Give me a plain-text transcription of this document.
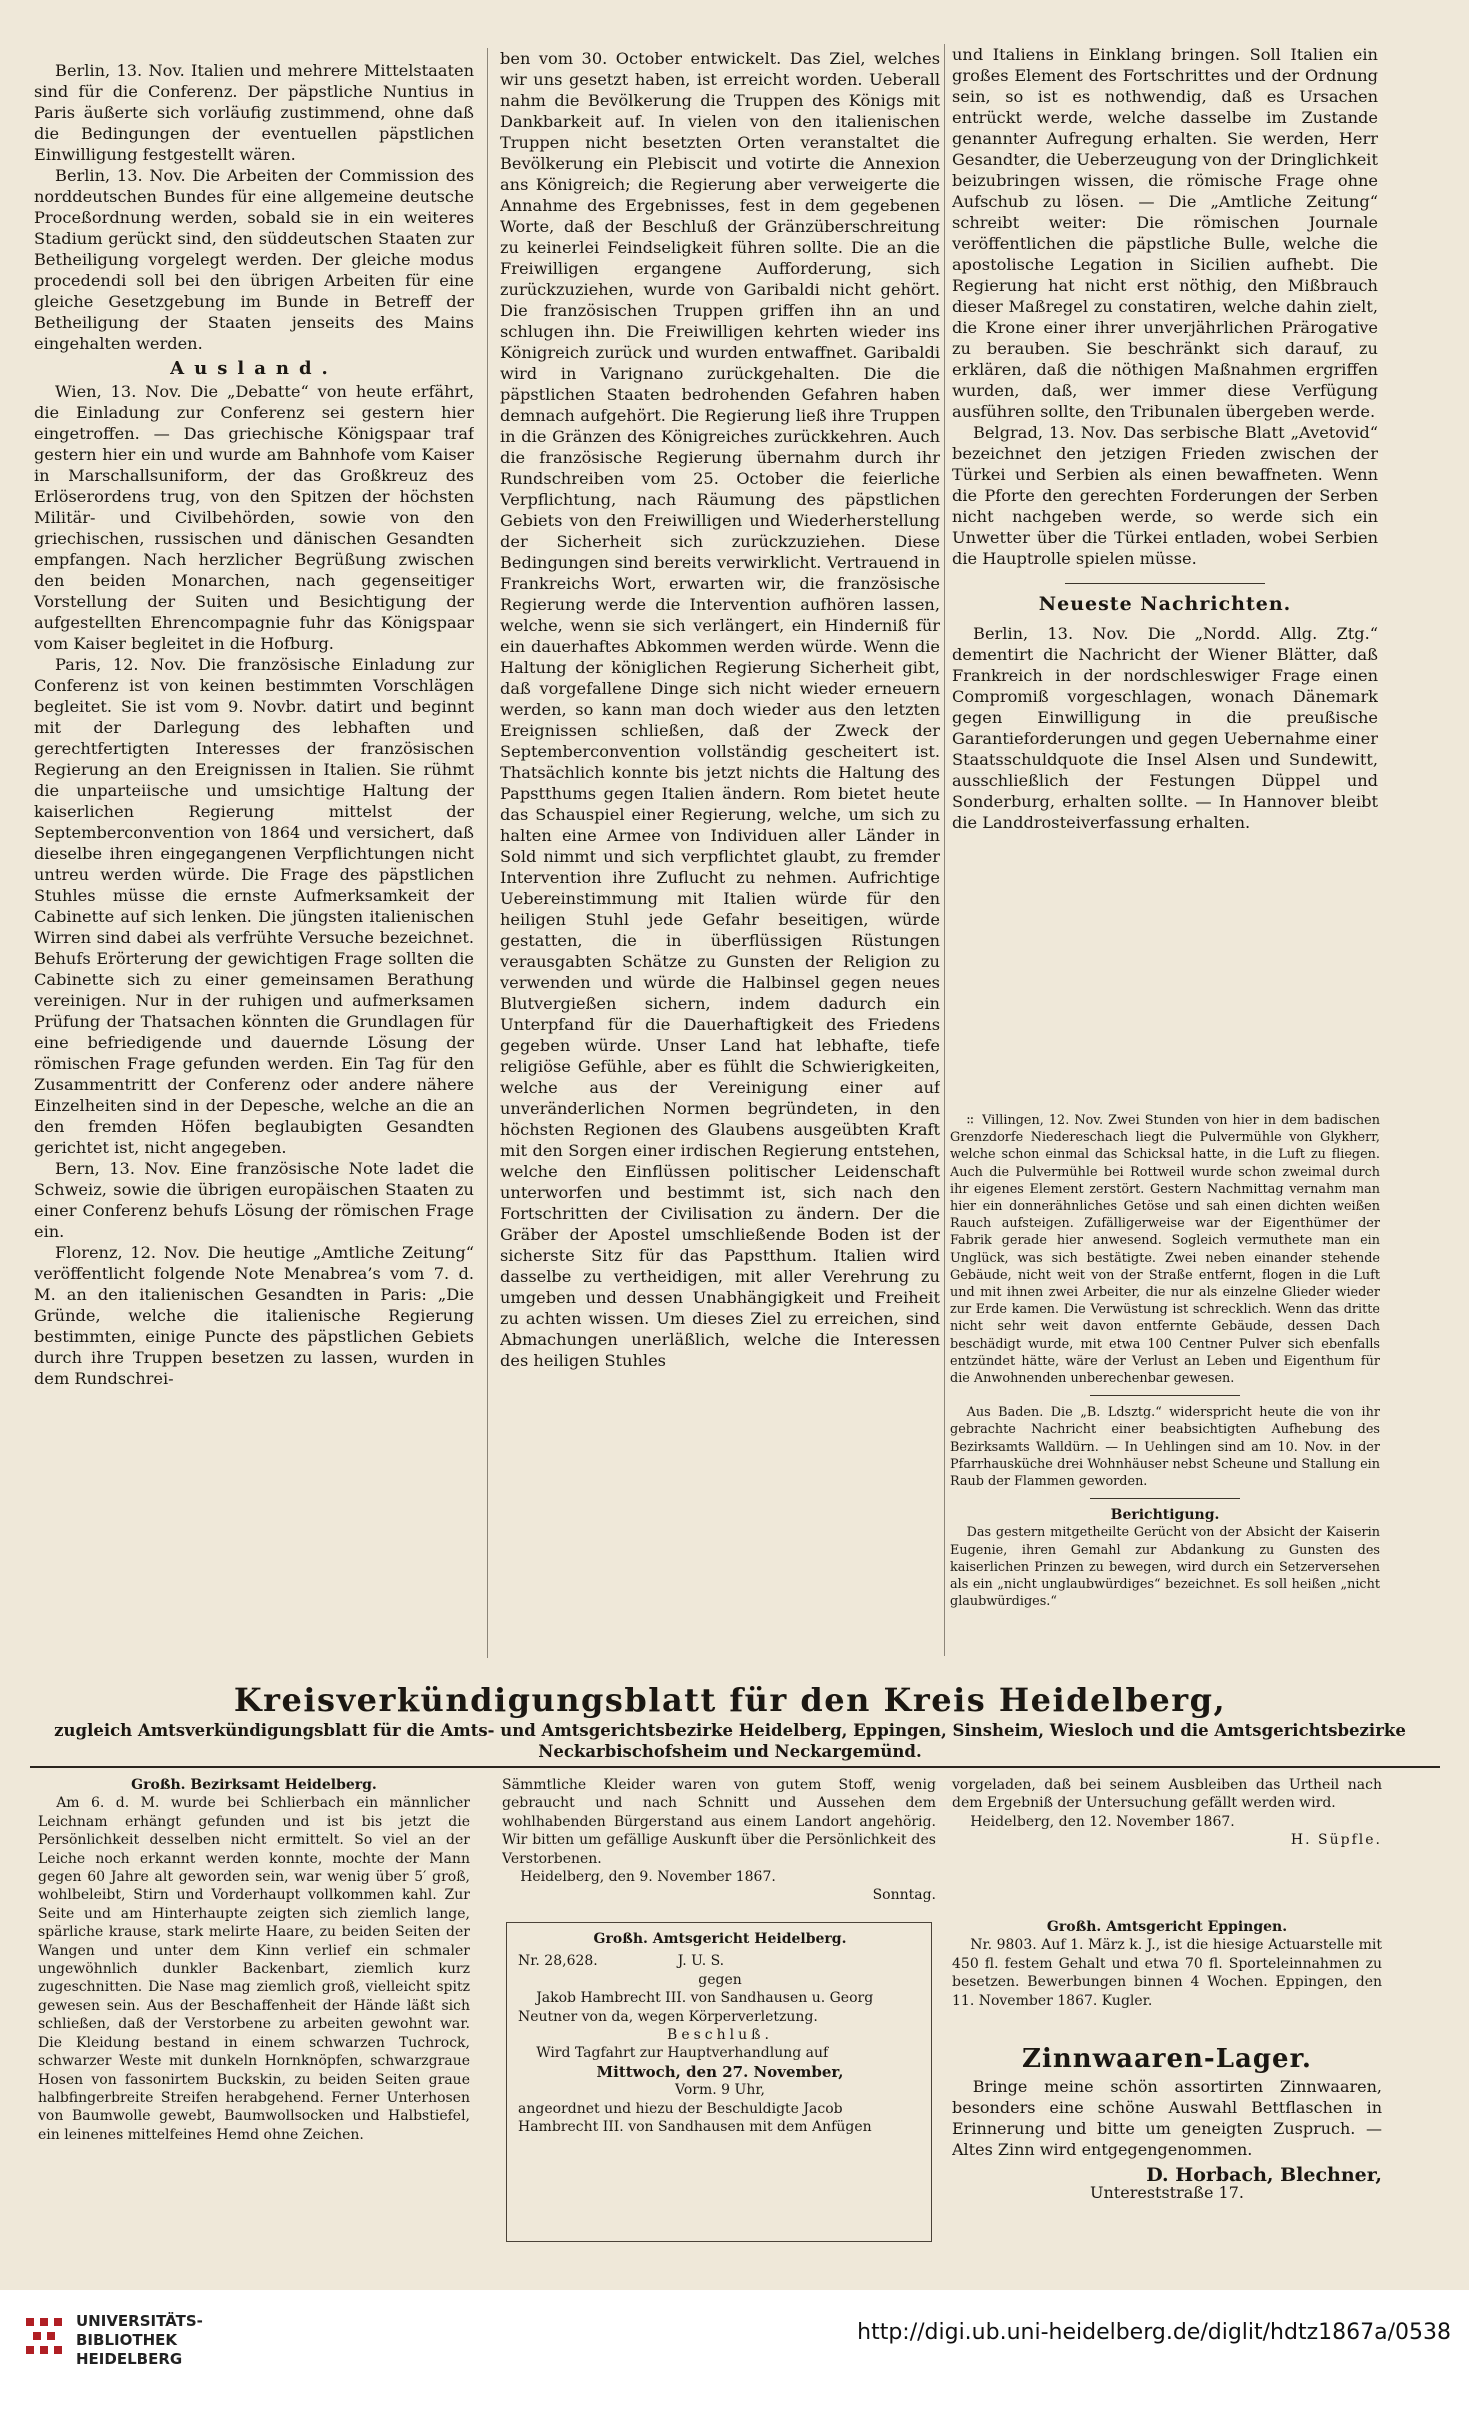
Berlin, 13. Nov. Italien und mehrere Mittelstaaten sind für die Conferenz. Der päpstliche Nuntius in Paris äußerte sich vorläufig zustimmend, ohne daß die Bedingungen der eventuellen päpstlichen Einwilligung festgestellt wären.

Berlin, 13. Nov. Die Arbeiten der Commission des norddeutschen Bundes für eine allgemeine deutsche Proceßordnung werden, sobald sie in ein weiteres Stadium gerückt sind, den süddeutschen Staaten zur Betheiligung vorgelegt werden. Der gleiche modus procedendi soll bei den übrigen Arbeiten für eine gleiche Gesetzgebung im Bunde in Betreff der Betheiligung der Staaten jenseits des Mains eingehalten werden.

Ausland.

Wien, 13. Nov. Die „Debatte“ von heute erfährt, die Einladung zur Conferenz sei gestern hier eingetroffen. — Das griechische Königspaar traf gestern hier ein und wurde am Bahnhofe vom Kaiser in Marschallsuniform, der das Großkreuz des Erlöserordens trug, von den Spitzen der höchsten Militär- und Civilbehörden, sowie von den griechischen, russischen und dänischen Gesandten empfangen. Nach herzlicher Begrüßung zwischen den beiden Monarchen, nach gegenseitiger Vorstellung der Suiten und Besichtigung der aufgestellten Ehrencompagnie fuhr das Königspaar vom Kaiser begleitet in die Hofburg.

Paris, 12. Nov. Die französische Einladung zur Conferenz ist von keinen bestimmten Vorschlägen begleitet. Sie ist vom 9. Novbr. datirt und beginnt mit der Darlegung des lebhaften und gerechtfertigten Interesses der französischen Regierung an den Ereignissen in Italien. Sie rühmt die unparteiische und umsichtige Haltung der kaiserlichen Regierung mittelst der Septemberconvention von 1864 und versichert, daß dieselbe ihren eingegangenen Verpflichtungen nicht untreu werden würde. Die Frage des päpstlichen Stuhles müsse die ernste Aufmerksamkeit der Cabinette auf sich lenken. Die jüngsten italienischen Wirren sind dabei als verfrühte Versuche bezeichnet. Behufs Erörterung der gewichtigen Frage sollten die Cabinette sich zu einer gemeinsamen Berathung vereinigen. Nur in der ruhigen und aufmerksamen Prüfung der Thatsachen könnten die Grundlagen für eine befriedigende und dauernde Lösung der römischen Frage gefunden werden. Ein Tag für den Zusammentritt der Conferenz oder andere nähere Einzelheiten sind in der Depesche, welche an die an den fremden Höfen beglaubigten Gesandten gerichtet ist, nicht angegeben.

Bern, 13. Nov. Eine französische Note ladet die Schweiz, sowie die übrigen europäischen Staaten zu einer Conferenz behufs Lösung der römischen Frage ein.

Florenz, 12. Nov. Die heutige „Amtliche Zeitung“ veröffentlicht folgende Note Menabrea’s vom 7. d. M. an den italienischen Gesandten in Paris: „Die Gründe, welche die italienische Regierung bestimmten, einige Puncte des päpstlichen Gebiets durch ihre Truppen besetzen zu lassen, wurden in dem Rundschrei-

ben vom 30. October entwickelt. Das Ziel, welches wir uns gesetzt haben, ist erreicht worden. Ueberall nahm die Bevölkerung die Truppen des Königs mit Dankbarkeit auf. In vielen von den italienischen Truppen nicht besetzten Orten veranstaltet die Bevölkerung ein Plebiscit und votirte die Annexion ans Königreich; die Regierung aber verweigerte die Annahme des Ergebnisses, fest in dem gegebenen Worte, daß der Beschluß der Gränzüberschreitung zu keinerlei Feindseligkeit führen sollte. Die an die Freiwilligen ergangene Aufforderung, sich zurückzuziehen, wurde von Garibaldi nicht gehört. Die französischen Truppen griffen ihn an und schlugen ihn. Die Freiwilligen kehrten wieder ins Königreich zurück und wurden entwaffnet. Garibaldi wird in Varignano zurückgehalten. Die die päpstlichen Staaten bedrohenden Gefahren haben demnach aufgehört. Die Regierung ließ ihre Truppen in die Gränzen des Königreiches zurückkehren. Auch die französische Regierung übernahm durch ihr Rundschreiben vom 25. October die feierliche Verpflichtung, nach Räumung des päpstlichen Gebiets von den Freiwilligen und Wiederherstellung der Sicherheit sich zurückzuziehen. Diese Bedingungen sind bereits verwirklicht. Vertrauend in Frankreichs Wort, erwarten wir, die französische Regierung werde die Intervention aufhören lassen, welche, wenn sie sich verlängert, ein Hinderniß für ein dauerhaftes Abkommen werden würde. Wenn die Haltung der königlichen Regierung Sicherheit gibt, daß vorgefallene Dinge sich nicht wieder erneuern werden, so kann man doch wieder aus den letzten Ereignissen schließen, daß der Zweck der Septemberconvention vollständig gescheitert ist. Thatsächlich konnte bis jetzt nichts die Haltung des Papstthums gegen Italien ändern. Rom bietet heute das Schauspiel einer Regierung, welche, um sich zu halten eine Armee von Individuen aller Länder in Sold nimmt und sich verpflichtet glaubt, zu fremder Intervention ihre Zuflucht zu nehmen. Aufrichtige Uebereinstimmung mit Italien würde für den heiligen Stuhl jede Gefahr beseitigen, würde gestatten, die in überflüssigen Rüstungen verausgabten Schätze zu Gunsten der Religion zu verwenden und würde die Halbinsel gegen neues Blutvergießen sichern, indem dadurch ein Unterpfand für die Dauerhaftigkeit des Friedens gegeben würde. Unser Land hat lebhafte, tiefe religiöse Gefühle, aber es fühlt die Schwierigkeiten, welche aus der Vereinigung einer auf unveränderlichen Normen begründeten, in den höchsten Regionen des Glaubens ausgeübten Kraft mit den Sorgen einer irdischen Regierung entstehen, welche den Einflüssen politischer Leidenschaft unterworfen und bestimmt ist, sich nach den Fortschritten der Civilisation zu ändern. Der die Gräber der Apostel umschließende Boden ist der sicherste Sitz für das Papstthum. Italien wird dasselbe zu vertheidigen, mit aller Verehrung zu umgeben und dessen Unabhängigkeit und Freiheit zu achten wissen. Um dieses Ziel zu erreichen, sind Abmachungen unerläßlich, welche die Interessen des heiligen Stuhles

und Italiens in Einklang bringen. Soll Italien ein großes Element des Fortschrittes und der Ordnung sein, so ist es nothwendig, daß es Ursachen entrückt werde, welche dasselbe im Zustande genannter Aufregung erhalten. Sie werden, Herr Gesandter, die Ueberzeugung von der Dringlichkeit beizubringen wissen, die römische Frage ohne Aufschub zu lösen. — Die „Amtliche Zeitung“ schreibt weiter: Die römischen Journale veröffentlichen die päpstliche Bulle, welche die apostolische Legation in Sicilien aufhebt. Die Regierung hat nicht erst nöthig, den Mißbrauch dieser Maßregel zu constatiren, welche dahin zielt, die Krone einer ihrer unverjährlichen Prärogative zu berauben. Sie beschränkt sich darauf, zu erklären, daß die nöthigen Maßnahmen ergriffen wurden, daß, wer immer diese Verfügung ausführen sollte, den Tribunalen übergeben werde.

Belgrad, 13. Nov. Das serbische Blatt „Avetovid“ bezeichnet den jetzigen Frieden zwischen der Türkei und Serbien als einen bewaffneten. Wenn die Pforte den gerechten Forderungen der Serben nicht nachgeben werde, so werde sich ein Unwetter über die Türkei entladen, wobei Serbien die Hauptrolle spielen müsse.

Neueste Nachrichten.

Berlin, 13. Nov. Die „Nordd. Allg. Ztg.“ dementirt die Nachricht der Wiener Blätter, daß Frankreich in der nordschleswiger Frage einen Compromiß vorgeschlagen, wonach Dänemark gegen Einwilligung in die preußische Garantieforderungen und gegen Uebernahme einer Staatsschuldquote die Insel Alsen und Sundewitt, ausschließlich der Festungen Düppel und Sonderburg, erhalten sollte. — In Hannover bleibt die Landdrosteiverfassung erhalten.

∷ Villingen, 12. Nov. Zwei Stunden von hier in dem badischen Grenzdorfe Niedereschach liegt die Pulvermühle von Glykherr, welche schon einmal das Schicksal hatte, in die Luft zu fliegen. Auch die Pulvermühle bei Rottweil wurde schon zweimal durch ihr eigenes Element zerstört. Gestern Nachmittag vernahm man hier ein donnerähnliches Getöse und sah einen dichten weißen Rauch aufsteigen. Zufälligerweise war der Eigenthümer der Fabrik gerade hier anwesend. Sogleich vermuthete man ein Unglück, was sich bestätigte. Zwei neben einander stehende Gebäude, nicht weit von der Straße entfernt, flogen in die Luft und mit ihnen zwei Arbeiter, die nur als einzelne Glieder wieder zur Erde kamen. Die Verwüstung ist schrecklich. Wenn das dritte nicht sehr weit davon entfernte Gebäude, dessen Dach beschädigt wurde, mit etwa 100 Centner Pulver sich ebenfalls entzündet hätte, wäre der Verlust an Leben und Eigenthum für die Anwohnenden unberechenbar gewesen.

Aus Baden. Die „B. Ldsztg.“ widerspricht heute die von ihr gebrachte Nachricht einer beabsichtigten Aufhebung des Bezirksamts Walldürn. — In Uehlingen sind am 10. Nov. in der Pfarrhausküche drei Wohnhäuser nebst Scheune und Stallung ein Raub der Flammen geworden.

Berichtigung.

Das gestern mitgetheilte Gerücht von der Absicht der Kaiserin Eugenie, ihren Gemahl zur Abdankung zu Gunsten des kaiserlichen Prinzen zu bewegen, wird durch ein Setzerversehen als ein „nicht unglaubwürdiges“ bezeichnet. Es soll heißen „nicht glaubwürdiges.“

Kreisverkündigungsblatt für den Kreis Heidelberg,
zugleich Amtsverkündigungsblatt für die Amts- und Amtsgerichtsbezirke Heidelberg, Eppingen, Sinsheim, Wiesloch und die Amtsgerichtsbezirke Neckarbischofsheim und Neckargemünd.

Großh. Bezirksamt Heidelberg.

Am 6. d. M. wurde bei Schlierbach ein männlicher Leichnam erhängt gefunden und ist bis jetzt die Persönlichkeit desselben nicht ermittelt. So viel an der Leiche noch erkannt werden konnte, mochte der Mann gegen 60 Jahre alt geworden sein, war wenig über 5′ groß, wohlbeleibt, Stirn und Vorderhaupt vollkommen kahl. Zur Seite und am Hinterhaupte zeigten sich ziemlich lange, spärliche krause, stark melirte Haare, zu beiden Seiten der Wangen und unter dem Kinn verlief ein schmaler ungewöhnlich dunkler Backenbart, ziemlich kurz zugeschnitten. Die Nase mag ziemlich groß, vielleicht spitz gewesen sein. Aus der Beschaffenheit der Hände läßt sich schließen, daß der Verstorbene zu arbeiten gewohnt war. Die Kleidung bestand in einem schwarzen Tuchrock, schwarzer Weste mit dunkeln Hornknöpfen, schwarzgraue Hosen von fassonirtem Buckskin, zu beiden Seiten graue halbfingerbreite Streifen herabgehend. Ferner Unterhosen von Baumwolle gewebt, Baumwollsocken und Halbstiefel, ein leinenes mittelfeines Hemd ohne Zeichen.

Sämmtliche Kleider waren von gutem Stoff, wenig gebraucht und nach Schnitt und Aussehen dem wohlhabenden Bürgerstand aus einem Landort angehörig. Wir bitten um gefällige Auskunft über die Persönlichkeit des Verstorbenen.

Heidelberg, den 9. November 1867.

Sonntag.

Großh. Amtsgericht Heidelberg.

Nr. 28,628.	J. U. S.

gegen

Jakob Hambrecht III. von Sandhausen u. Georg Neutner von da, wegen Körperverletzung.

Beschluß.

Wird Tagfahrt zur Hauptverhandlung auf

Mittwoch, den 27. November,

Vorm. 9 Uhr,

angeordnet und hiezu der Beschuldigte Jacob Hambrecht III. von Sandhausen mit dem Anfügen

vorgeladen, daß bei seinem Ausbleiben das Urtheil nach dem Ergebniß der Untersuchung gefällt werden wird.

Heidelberg, den 12. November 1867.

H. Süpfle.

Großh. Amtsgericht Eppingen.

Nr. 9803. Auf 1. März k. J., ist die hiesige Actuarstelle mit 450 fl. festem Gehalt und etwa 70 fl. Sporteleinnahmen zu besetzen. Bewerbungen binnen 4 Wochen. Eppingen, den 11. November 1867. Kugler.

Zinnwaaren-Lager.

Bringe meine schön assortirten Zinnwaaren, besonders eine schöne Auswahl Bettflaschen in Erinnerung und bitte um geneigten Zuspruch. — Altes Zinn wird entgegengenommen.

D. Horbach, Blechner,

Untereststraße 17.

UNIVERSITÄTS-
BIBLIOTHEK
HEIDELBERG
http://digi.ub.uni-heidelberg.de/diglit/hdtz1867a/0538
